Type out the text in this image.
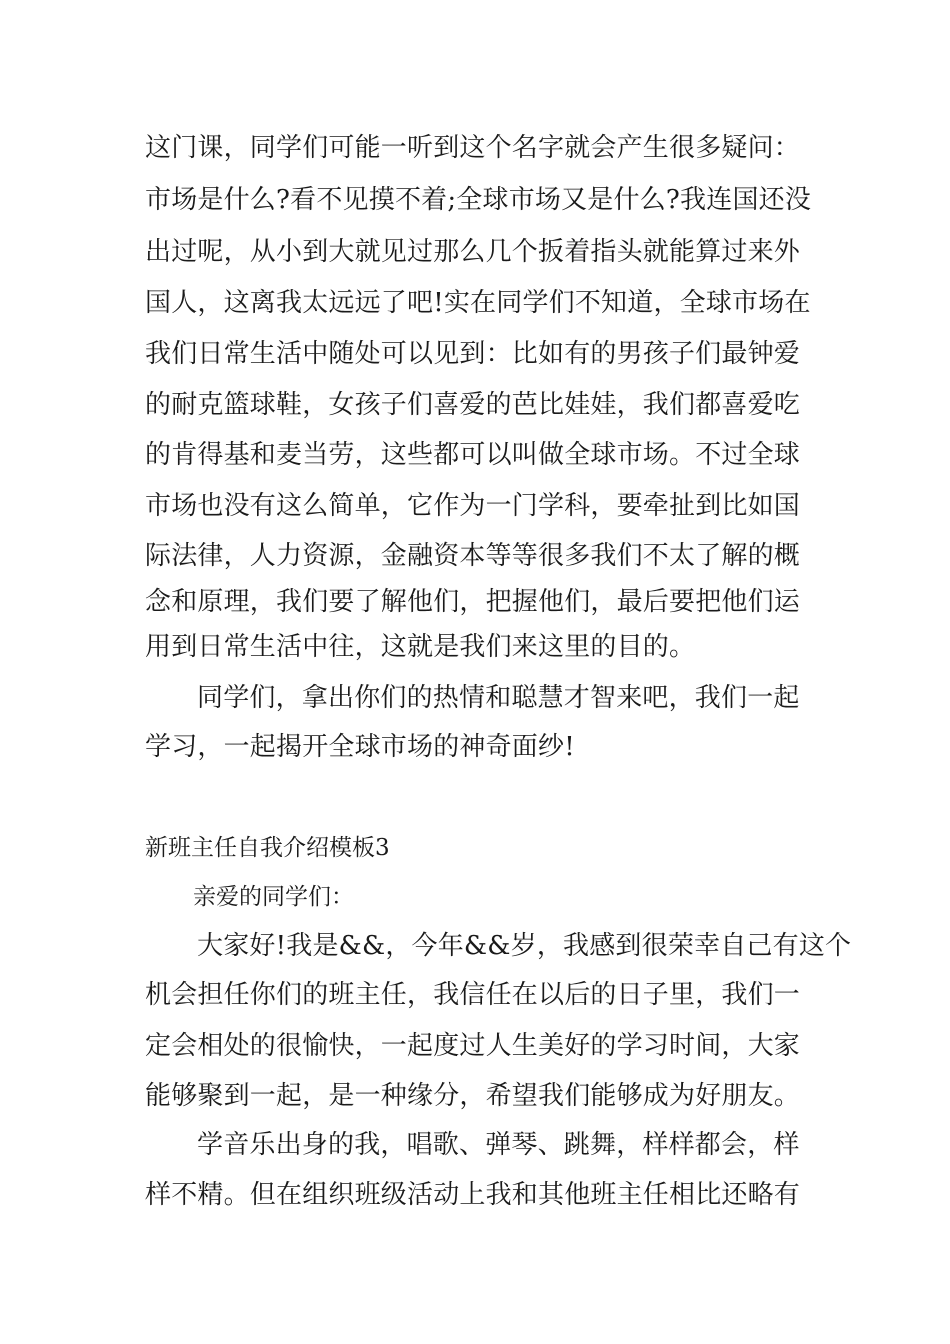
这门课，同学们可能一听到这个名字就会产生很多疑问：
市场是什么?看不见摸不着;全球市场又是什么?我连国还没
出过呢，从小到大就见过那么几个扳着指头就能算过来外
国人，这离我太远远了吧!实在同学们不知道，全球市场在
我们日常生活中随处可以见到：比如有的男孩子们最钟爱
的耐克篮球鞋，女孩子们喜爱的芭比娃娃，我们都喜爱吃
的肯得基和麦当劳，这些都可以叫做全球市场。不过全球
市场也没有这么简单，它作为一门学科，要牵扯到比如国
际法律，人力资源，金融资本等等很多我们不太了解的概
念和原理，我们要了解他们，把握他们，最后要把他们运
用到日常生活中往，这就是我们来这里的目的。
同学们，拿出你们的热情和聪慧才智来吧，我们一起
学习，一起揭开全球市场的神奇面纱!
新班主任自我介绍模板3
亲爱的同学们：
大家好!我是&&，今年&&岁，我感到很荣幸自己有这个
机会担任你们的班主任，我信任在以后的日子里，我们一
定会相处的很愉快，一起度过人生美好的学习时间，大家
能够聚到一起，是一种缘分，希望我们能够成为好朋友。
学音乐出身的我，唱歌、弹琴、跳舞，样样都会，样
样不精。但在组织班级活动上我和其他班主任相比还略有
